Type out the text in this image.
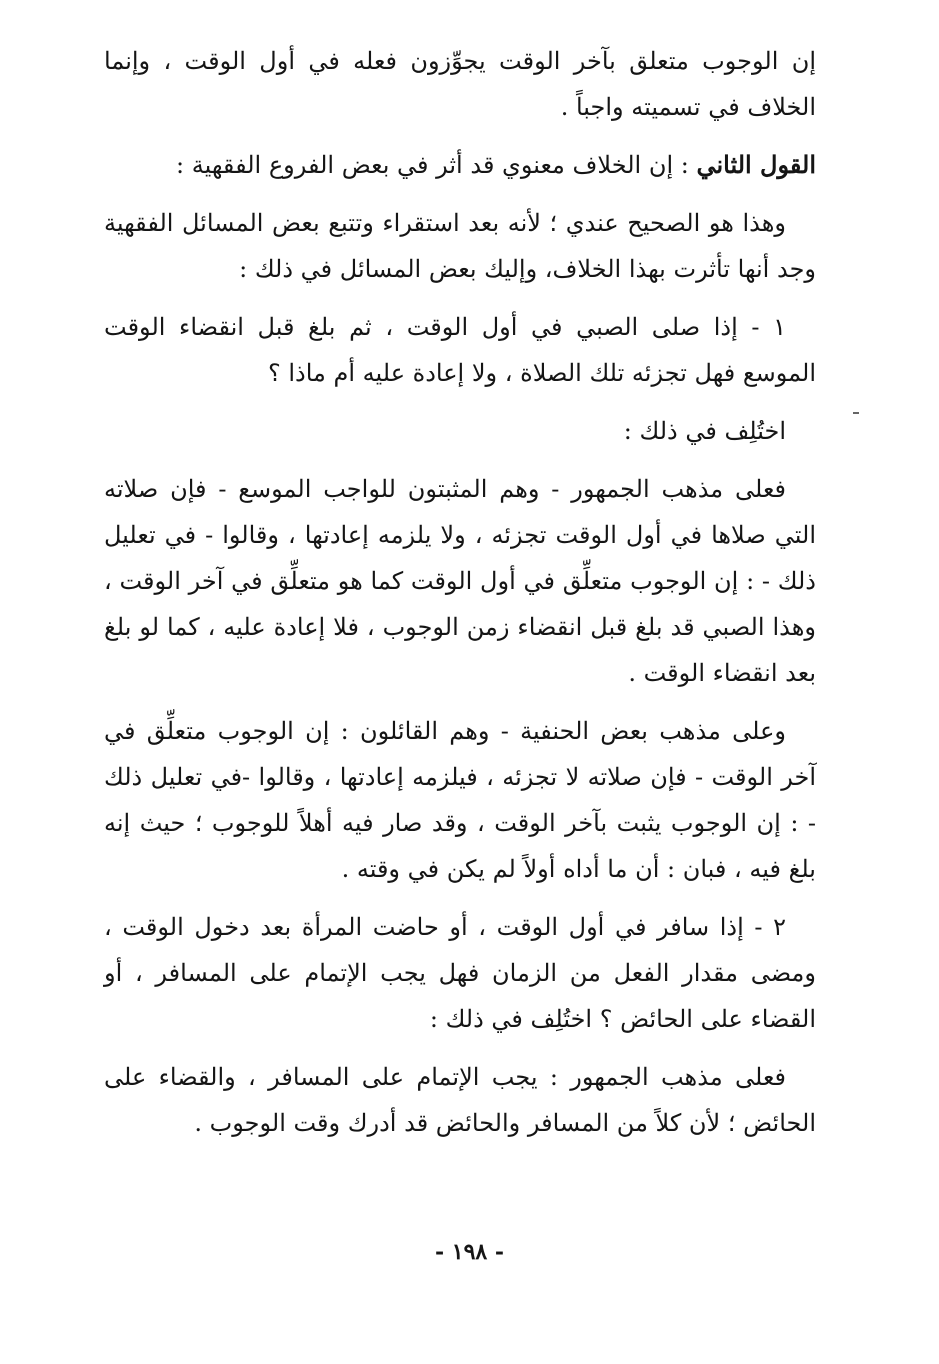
إن الوجوب متعلق بآخر الوقت يجوِّزون فعله في أول الوقت ، وإنما الخلاف في تسميته واجباً .

القول الثاني : إن الخلاف معنوي قد أثر في بعض الفروع الفقهية :

وهذا هو الصحيح عندي ؛ لأنه بعد استقراء وتتبع بعض المسائل الفقهية وجد أنها تأثرت بهذا الخلاف، وإليك بعض المسائل في ذلك :

١ - إذا صلى الصبي في أول الوقت ، ثم بلغ قبل انقضاء الوقت الموسع فهل تجزئه تلك الصلاة ، ولا إعادة عليه أم ماذا ؟

اختُلِف في ذلك :

فعلى مذهب الجمهور - وهم المثبتون للواجب الموسع - فإن صلاته التي صلاها في أول الوقت تجزئه ، ولا يلزمه إعادتها ، وقالوا - في تعليل ذلك - : إن الوجوب متعلِّق في أول الوقت كما هو متعلِّق في آخر الوقت ، وهذا الصبي قد بلغ قبل انقضاء زمن الوجوب ، فلا إعادة عليه ، كما لو بلغ بعد انقضاء الوقت .

وعلى مذهب بعض الحنفية - وهم القائلون : إن الوجوب متعلِّق في آخر الوقت - فإن صلاته لا تجزئه ، فيلزمه إعادتها ، وقالوا -في تعليل ذلك - : إن الوجوب يثبت بآخر الوقت ، وقد صار فيه أهلاً للوجوب ؛ حيث إنه بلغ فيه ، فبان : أن ما أداه أولاً لم يكن في وقته .

٢ - إذا سافر في أول الوقت ، أو حاضت المرأة بعد دخول الوقت ، ومضى مقدار الفعل من الزمان فهل يجب الإتمام على المسافر ، أو القضاء على الحائض ؟ اختُلِف في ذلك :

فعلى مذهب الجمهور : يجب الإتمام على المسافر ، والقضاء على الحائض ؛ لأن كلاً من المسافر والحائض قد أدرك وقت الوجوب .

- ١٩٨ -
